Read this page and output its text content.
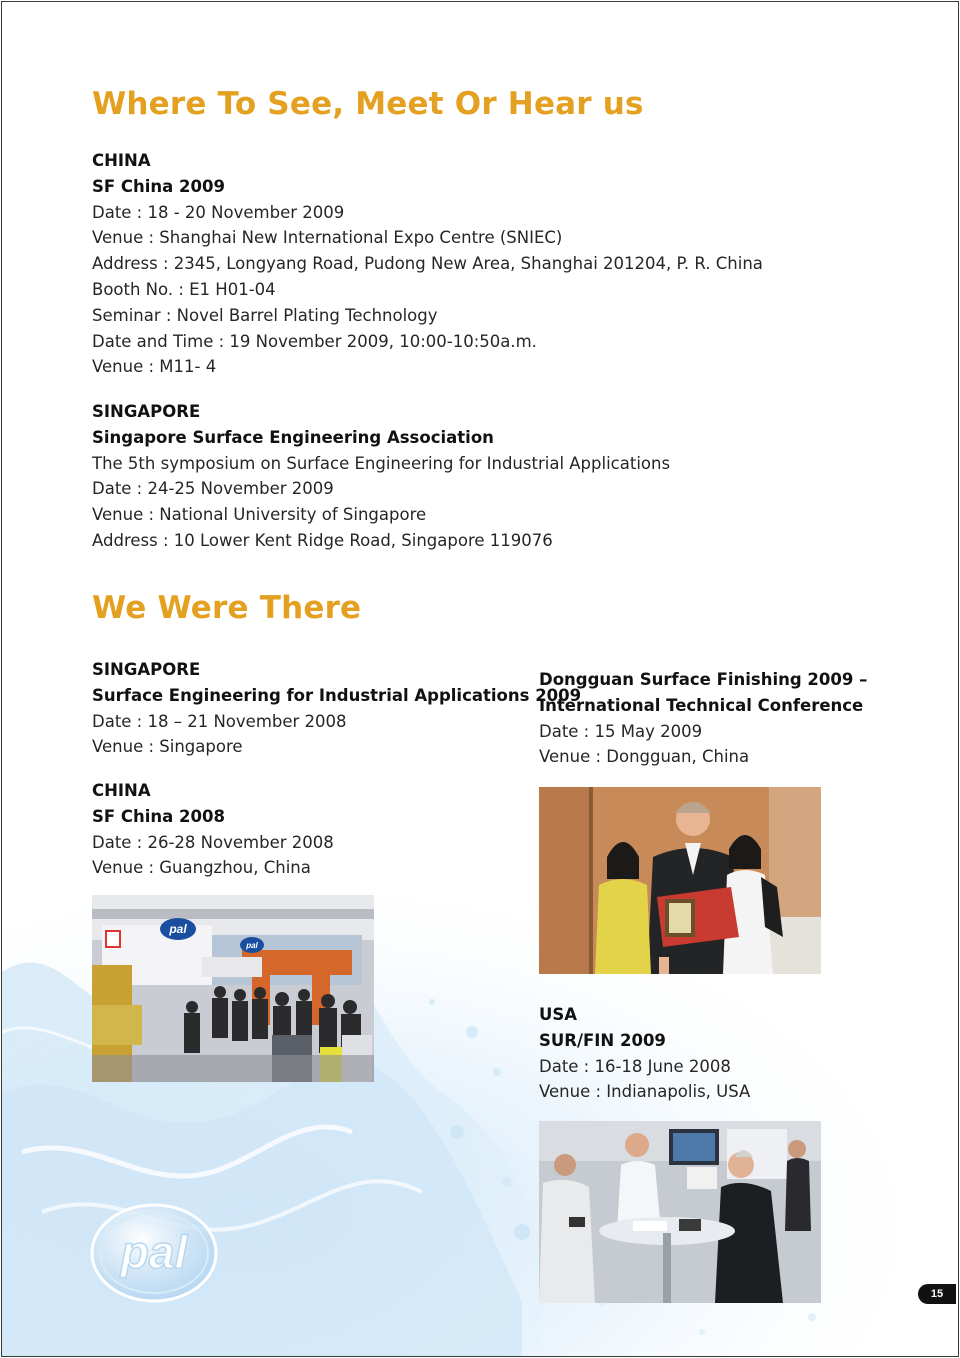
Where To See, Meet Or Hear us
CHINA
SF China 2009
Date : 18 - 20 November 2009
Venue : Shanghai New International Expo Centre (SNIEC)
Address : 2345, Longyang Road, Pudong New Area, Shanghai 201204, P. R. China
Booth No. : E1 H01-04
Seminar : Novel Barrel Plating Technology
Date and Time : 19 November 2009, 10:00-10:50a.m.
Venue : M11- 4
SINGAPORE
Singapore Surface Engineering Association
The 5th symposium on Surface Engineering for Industrial Applications
Date : 24-25 November 2009
Venue : National University of Singapore
Address : 10 Lower Kent Ridge Road, Singapore 119076
We Were There
SINGAPORE
Surface Engineering for Industrial Applications 2009
Date : 18 – 21 November 2008
Venue : Singapore
CHINA
SF China 2008
Date : 26-28 November 2008
Venue : Guangzhou, China
Dongguan Surface Finishing 2009 –
International Technical Conference
Date : 15 May 2009
Venue : Dongguan, China
USA
SUR/FIN 2009
Date : 16-18 June 2008
Venue : Indianapolis, USA
pal
pal
pal
15
